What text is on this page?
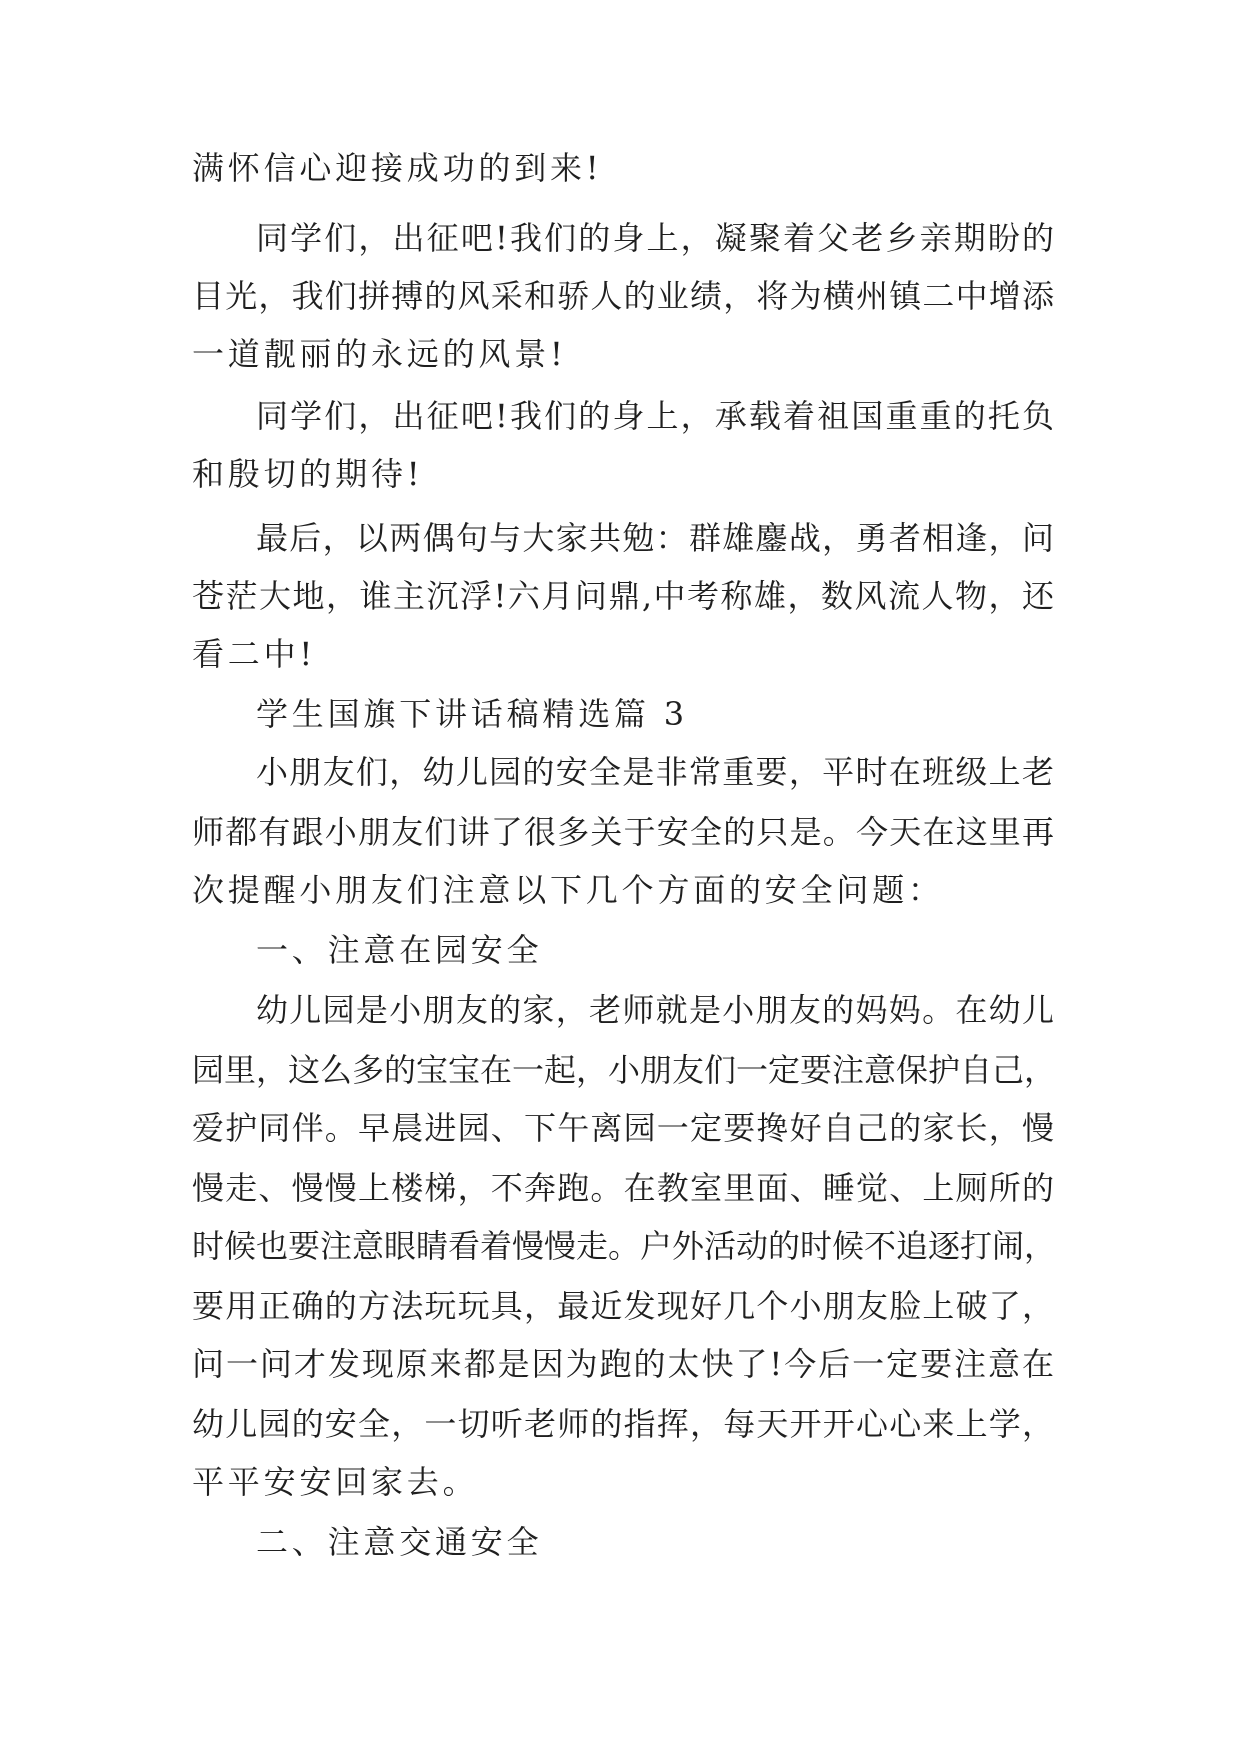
满怀信心迎接成功的到来!
同学们，出征吧!我们的身上，凝聚着父老乡亲期盼的
目光，我们拼搏的风采和骄人的业绩，将为横州镇二中增添
一道靓丽的永远的风景!
同学们，出征吧!我们的身上，承载着祖国重重的托负
和殷切的期待!
最后，以两偶句与大家共勉：群雄鏖战，勇者相逢，问
苍茫大地，谁主沉浮!六月问鼎,中考称雄，数风流人物，还
看二中!
学生国旗下讲话稿精选篇 3
小朋友们，幼儿园的安全是非常重要，平时在班级上老
师都有跟小朋友们讲了很多关于安全的只是。今天在这里再
次提醒小朋友们注意以下几个方面的安全问题：
一、注意在园安全
幼儿园是小朋友的家，老师就是小朋友的妈妈。在幼儿
园里，这么多的宝宝在一起，小朋友们一定要注意保护自己，
爱护同伴。早晨进园、下午离园一定要搀好自己的家长，慢
慢走、慢慢上楼梯，不奔跑。在教室里面、睡觉、上厕所的
时候也要注意眼睛看着慢慢走。户外活动的时候不追逐打闹，
要用正确的方法玩玩具，最近发现好几个小朋友脸上破了，
问一问才发现原来都是因为跑的太快了!今后一定要注意在
幼儿园的安全，一切听老师的指挥，每天开开心心来上学，
平平安安回家去。
二、注意交通安全
